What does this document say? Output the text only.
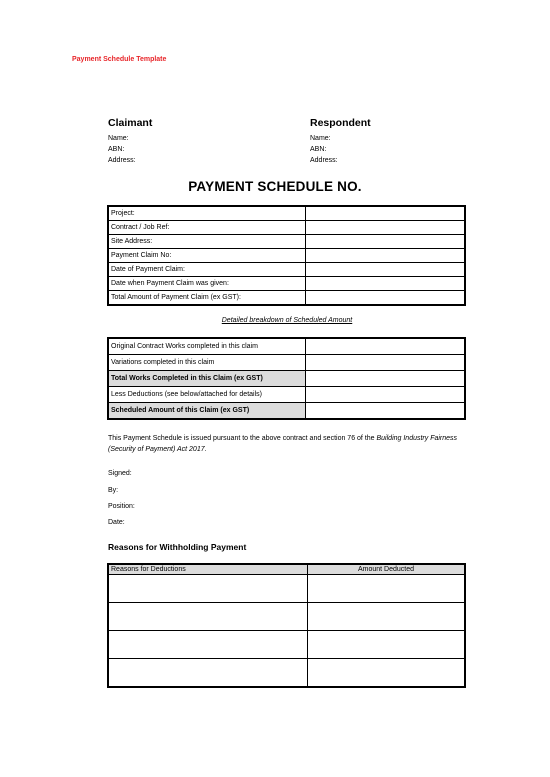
Payment Schedule Template
Claimant
Name:
ABN:
Address:
Respondent
Name:
ABN:
Address:
PAYMENT SCHEDULE NO.
Project:	
Contract / Job Ref:	
Site Address:	
Payment Claim No:	
Date of Payment Claim:	
Date when Payment Claim was given:	
Total Amount of Payment Claim (ex GST):	
Detailed breakdown of Scheduled Amount
Original Contract Works completed in this claim	
Variations completed in this claim	
Total Works Completed in this Claim (ex GST)	
Less Deductions (see below/attached for details)	
Scheduled Amount of this Claim (ex GST)	
This Payment Schedule is issued pursuant to the above contract and section 76 of the Building Industry Fairness (Security of Payment) Act 2017.
Signed:
By:
Position:
Date:
Reasons for Withholding Payment
Reasons for Deductions	Amount Deducted
